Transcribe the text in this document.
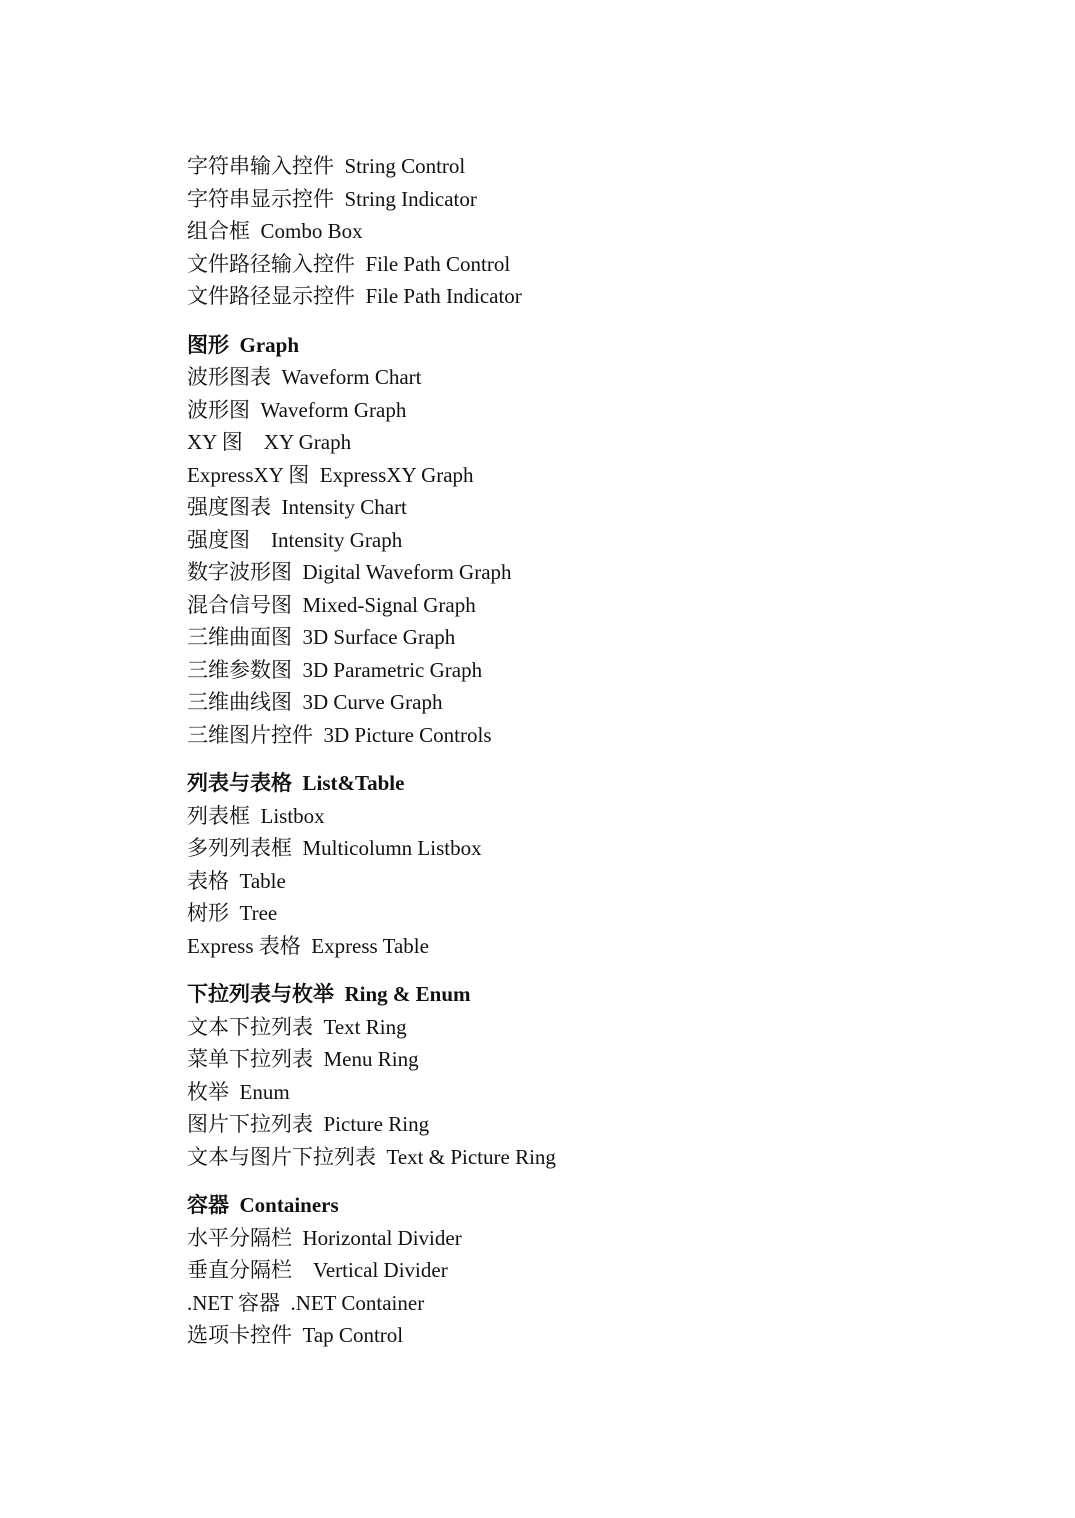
字符串输入控件  String Control
字符串显示控件  String Indicator
组合框  Combo Box
文件路径输入控件  File Path Control
文件路径显示控件  File Path Indicator
图形  Graph
波形图表  Waveform Chart
波形图  Waveform Graph
XY 图    XY Graph
ExpressXY 图  ExpressXY Graph
强度图表  Intensity Chart
强度图    Intensity Graph
数字波形图  Digital Waveform Graph
混合信号图  Mixed-Signal Graph
三维曲面图  3D Surface Graph
三维参数图  3D Parametric Graph
三维曲线图  3D Curve Graph
三维图片控件  3D Picture Controls
列表与表格  List&Table
列表框  Listbox
多列列表框  Multicolumn Listbox
表格  Table
树形  Tree
Express 表格  Express Table
下拉列表与枚举  Ring & Enum
文本下拉列表  Text Ring
菜单下拉列表  Menu Ring
枚举  Enum
图片下拉列表  Picture Ring
文本与图片下拉列表  Text & Picture Ring
容器  Containers
水平分隔栏  Horizontal Divider
垂直分隔栏    Vertical Divider
.NET 容器  .NET Container
选项卡控件  Tap Control
